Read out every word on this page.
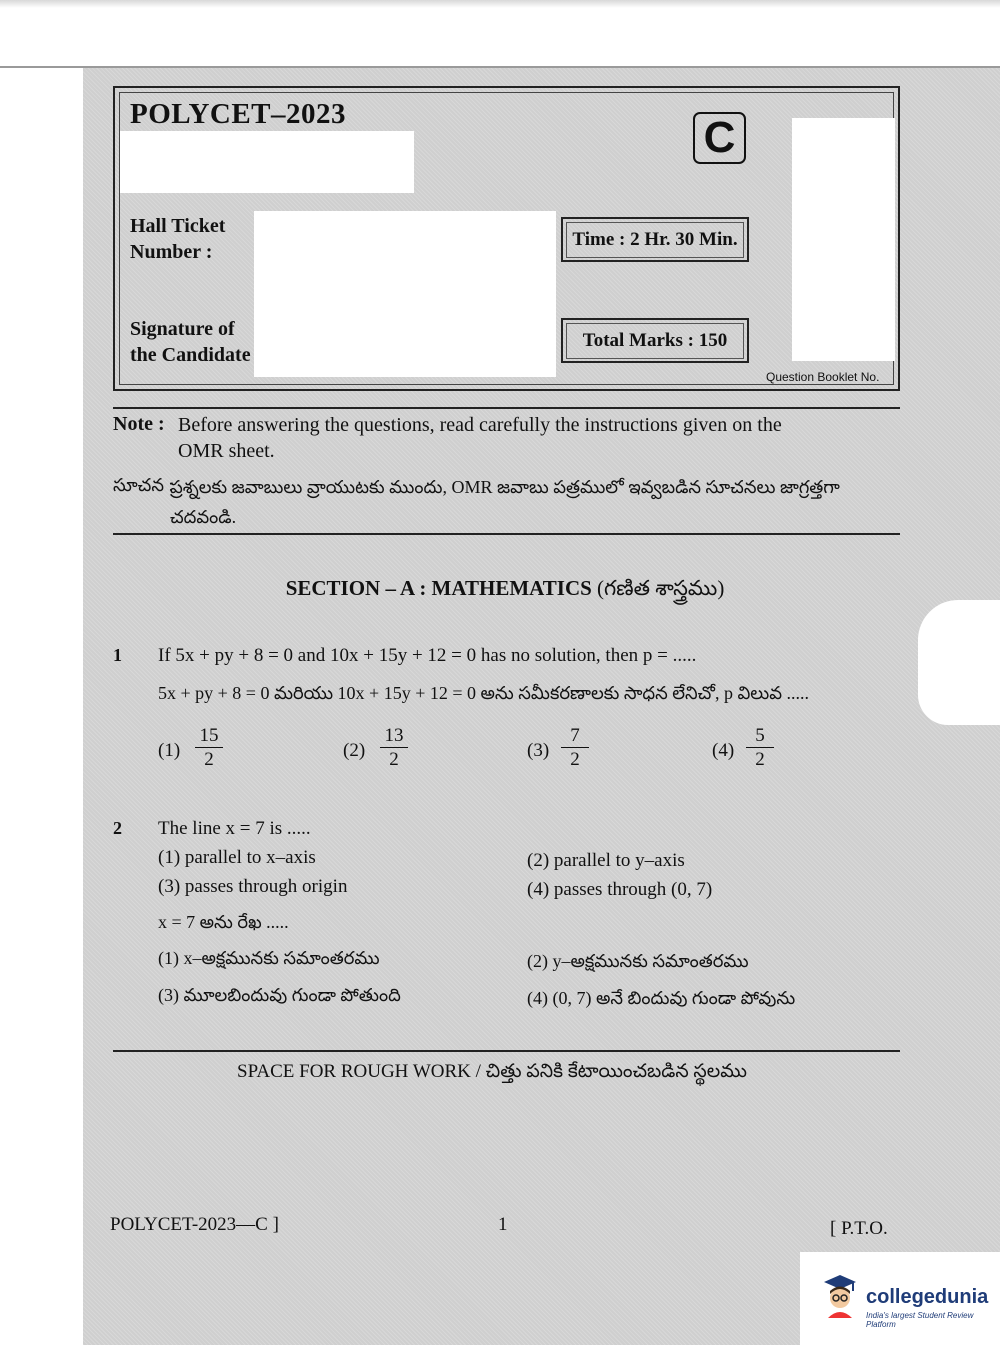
POLYCET–2023	C
Hall Ticket
Number :
Signature of
the Candidate
Time : 2 Hr. 30 Min.
Total Marks : 150
Question Booklet No.
Note : Before answering the questions, read carefully the instructions given on the
OMR sheet.
సూచన :
ప్రశ్నలకు జవాబులు వ్రాయుటకు ముందు, OMR జవాబు పత్రములో ఇవ్వబడిన సూచనలు జాగ్రత్తగా
చదవండి.
SECTION – A : MATHEMATICS (గణిత శాస్త్రము)
1 If 5x + py + 8 = 0 and 10x + 15y + 12 = 0 has no solution, then p = .....
5x + py + 8 = 0 మరియు 10x + 15y + 12 = 0 అను సమీకరణాలకు సాధన లేనిచో, p విలువ .....
$(1) \frac{15}{2}$	$(2) \frac{13}{2}$	$(3) \frac{7}{2}$	$(4) \frac{5}{2}$
2 The line x = 7 is .....
(1) parallel to x–axis	(2) parallel to y–axis
(3) passes through origin	(4) passes through (0, 7)
x = 7 అను రేఖ .....
(1) x–అక్షమునకు సమాంతరము	(2) y–అక్షమునకు సమాంతరము
(3) మూలబిందువు గుండా పోతుంది	(4) (0, 7) అనే బిందువు గుండా పోవును
SPACE FOR ROUGH WORK / చిత్తు పనికి కేటాయించబడిన స్థలము
POLYCET-2023—C ]	1	[ P.T.O.
collegedunia
India's largest Student Review Platform
